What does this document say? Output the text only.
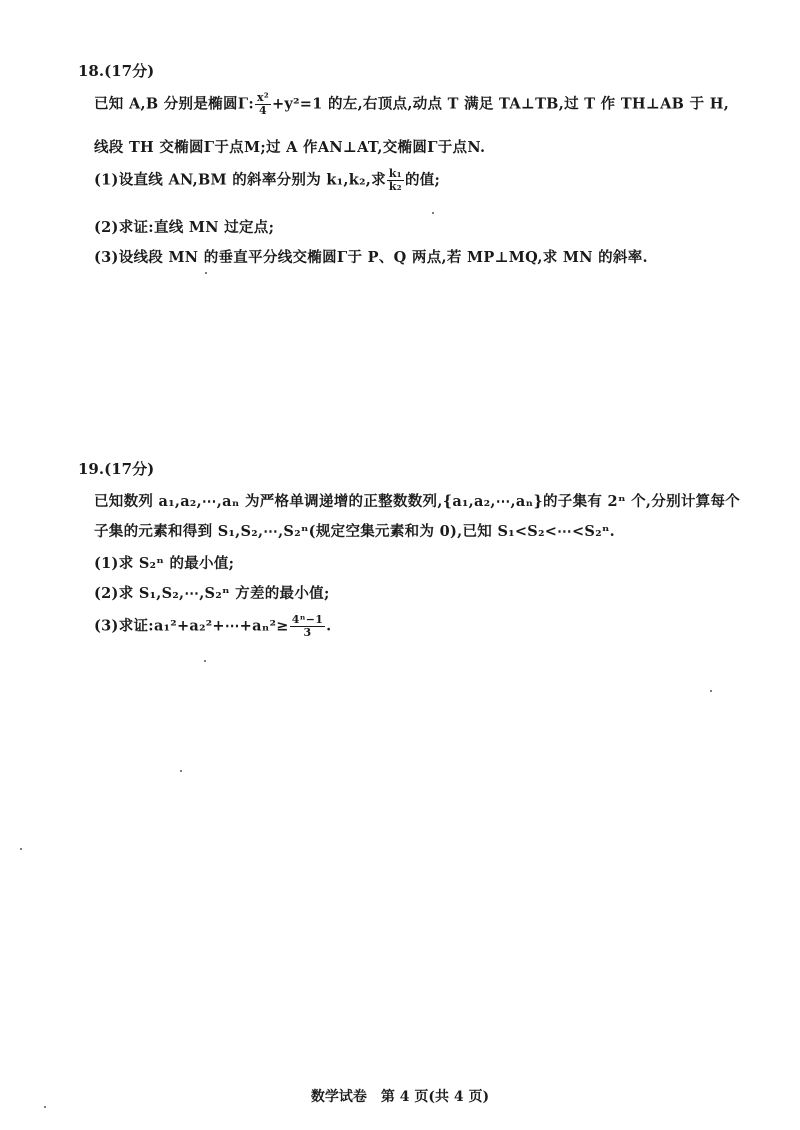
18.(17分)
已知 A,B 分别是椭圆Γ: $\frac{\text{x²}}{4} +y^2=1$ 的左,右顶点,动点 T 满足 TA⊥TB,过 T 作 TH⊥AB 于 H,
线段 TH 交椭圆Γ于点M;过 A 作AN⊥AT,交椭圆Γ于点N.
(1)设直线 AN,BM 的斜率分别为 k₁,k₂,求 $\frac{\text{k₁}}{\text{k₂}}$ 的值;
(2)求证:直线 MN 过定点;
(3)设线段 MN 的垂直平分线交椭圆Γ于 P、Q 两点,若 MP⊥MQ,求 MN 的斜率.
19.(17分)
已知数列 a₁,a₂,⋯,aₙ 为严格单调递增的正整数数列,{a₁,a₂,⋯,aₙ}的子集有 2ⁿ 个,分别计算每个
子集的元素和得到 S₁,S₂,⋯,S₂ⁿ(规定空集元素和为 0),已知 S₁<S₂<⋯<S₂ⁿ.
(1)求 S₂ⁿ 的最小值;
(2)求 S₁,S₂,⋯,S₂ⁿ 方差的最小值;
(3)求证:a₁²+a₂²+⋯+aₙ²≥ $\frac{\text{4ⁿ−1}}{3}$ .
数学试卷　第 4 页(共 4 页)
